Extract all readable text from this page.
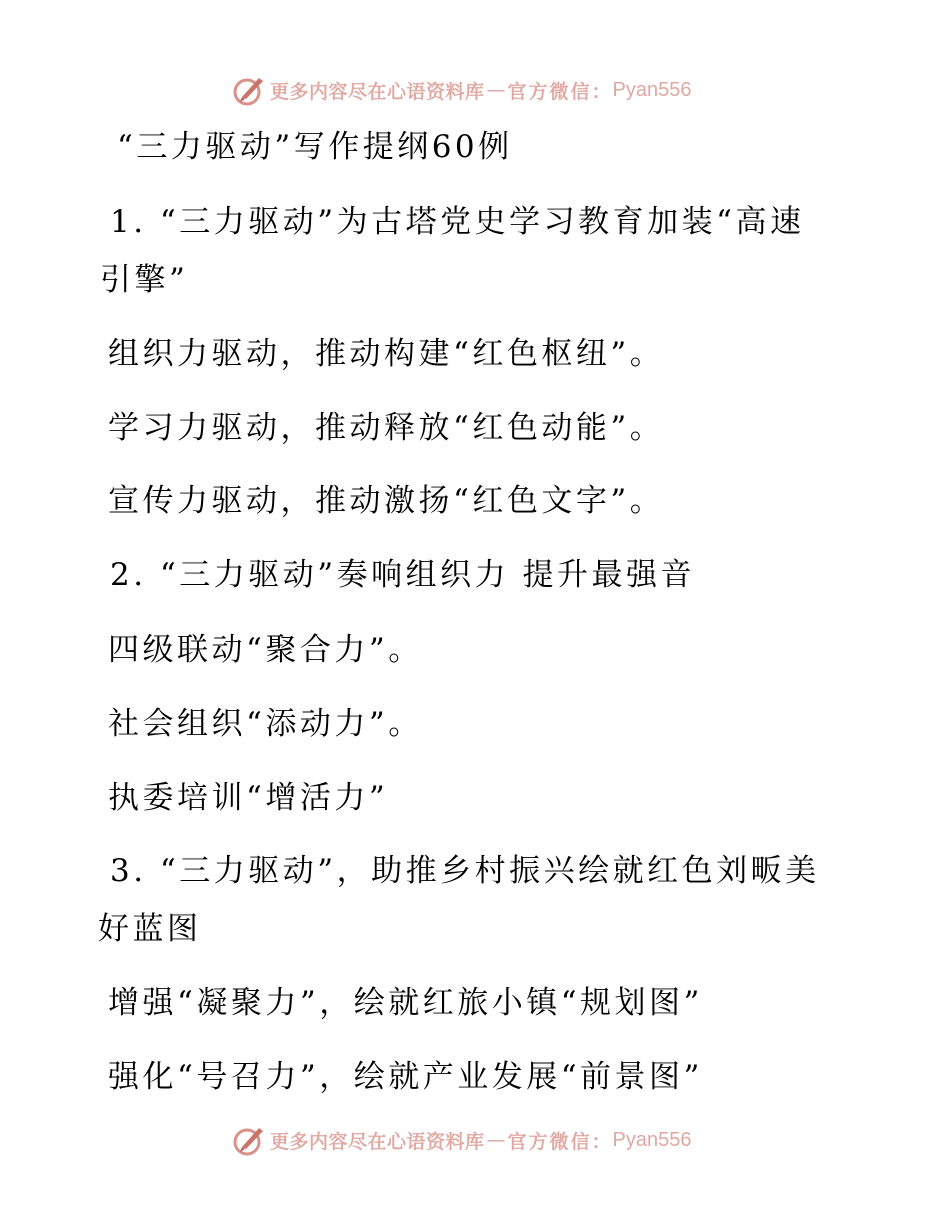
更多内容尽在心语资料库 — 官方微信： Pyan556
“三力驱动”写作提纲60例
1. “三力驱动”为古塔党史学习教育加装“高速
引擎”
组织力驱动，推动构建“红色枢纽”。
学习力驱动，推动释放“红色动能”。
宣传力驱动，推动激扬“红色文字”。
2. “三力驱动”奏响组织力 提升最强音
四级联动“聚合力”。
社会组织“添动力”。
执委培训“增活力”
3. “三力驱动”，助推乡村振兴绘就红色刘畈美
好蓝图
增强“凝聚力”，绘就红旅小镇“规划图”
强化“号召力”，绘就产业发展“前景图”
更多内容尽在心语资料库 — 官方微信： Pyan556
